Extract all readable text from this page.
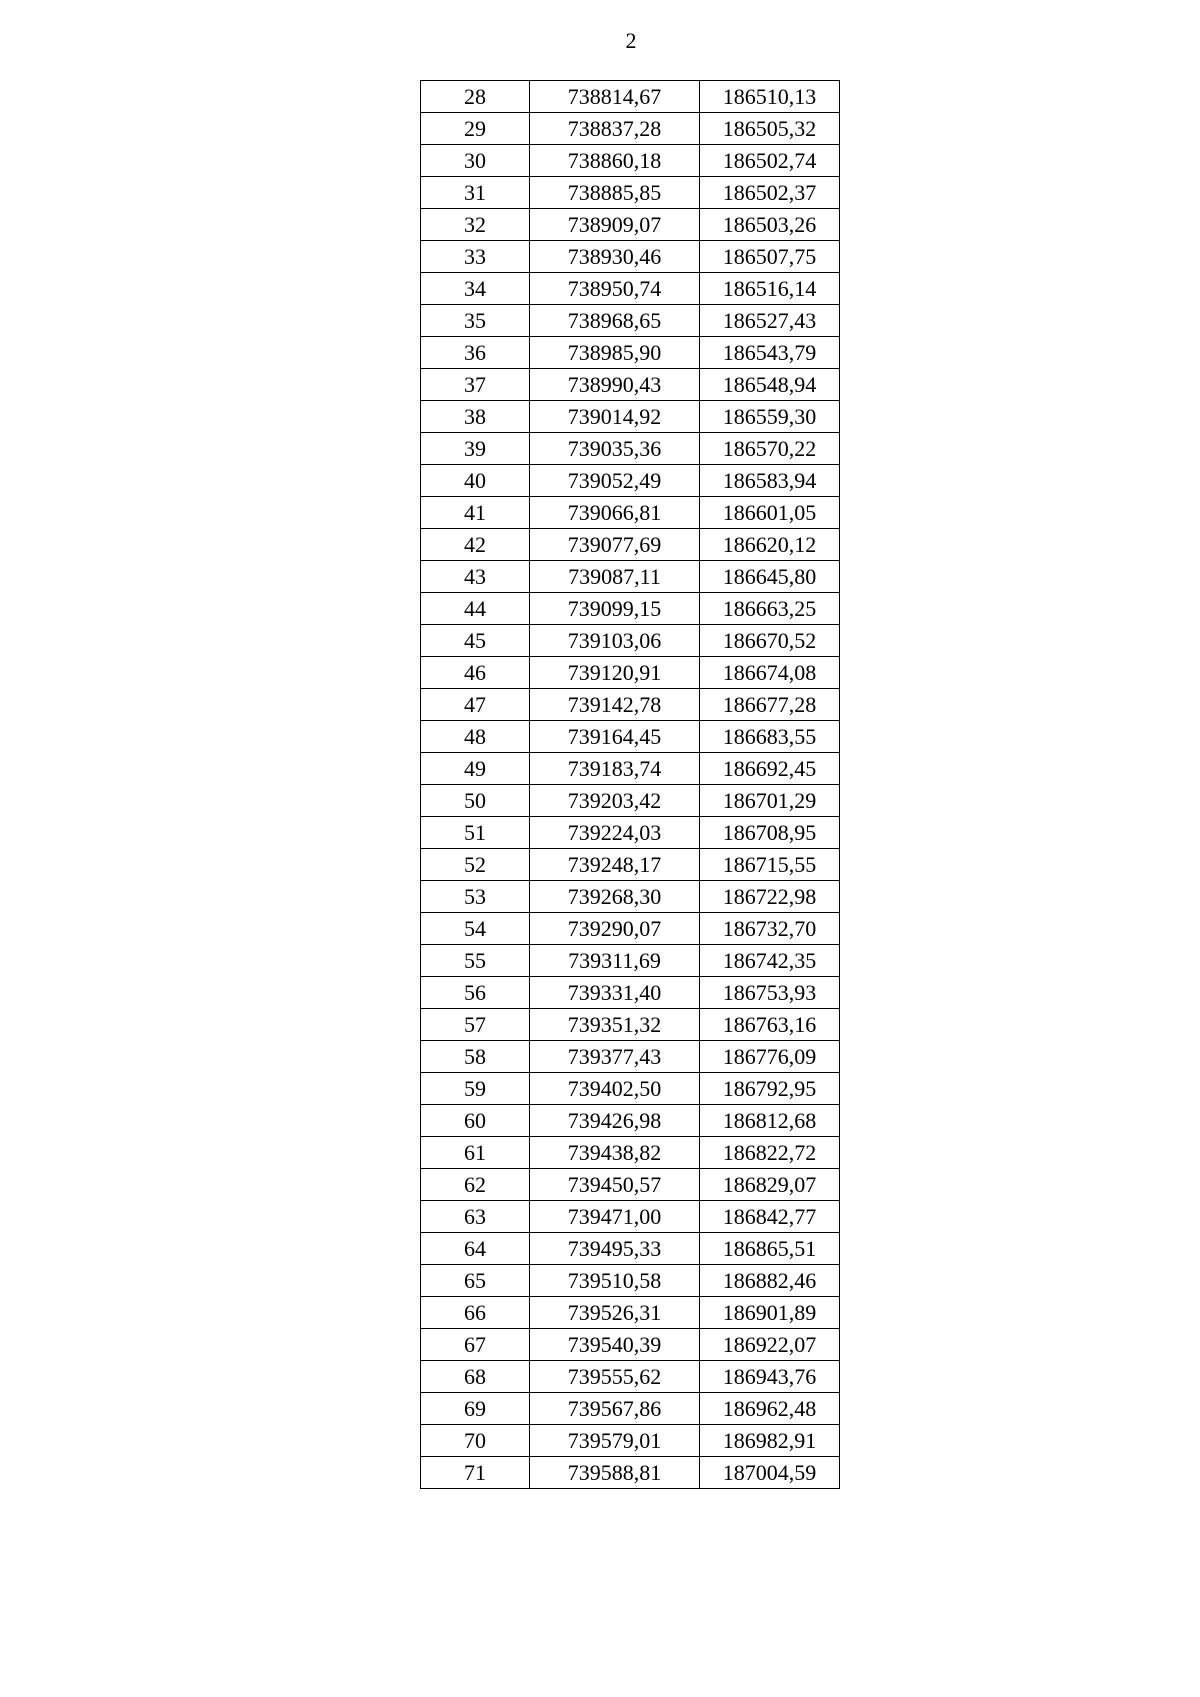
2
28	738814,67	186510,13
29	738837,28	186505,32
30	738860,18	186502,74
31	738885,85	186502,37
32	738909,07	186503,26
33	738930,46	186507,75
34	738950,74	186516,14
35	738968,65	186527,43
36	738985,90	186543,79
37	738990,43	186548,94
38	739014,92	186559,30
39	739035,36	186570,22
40	739052,49	186583,94
41	739066,81	186601,05
42	739077,69	186620,12
43	739087,11	186645,80
44	739099,15	186663,25
45	739103,06	186670,52
46	739120,91	186674,08
47	739142,78	186677,28
48	739164,45	186683,55
49	739183,74	186692,45
50	739203,42	186701,29
51	739224,03	186708,95
52	739248,17	186715,55
53	739268,30	186722,98
54	739290,07	186732,70
55	739311,69	186742,35
56	739331,40	186753,93
57	739351,32	186763,16
58	739377,43	186776,09
59	739402,50	186792,95
60	739426,98	186812,68
61	739438,82	186822,72
62	739450,57	186829,07
63	739471,00	186842,77
64	739495,33	186865,51
65	739510,58	186882,46
66	739526,31	186901,89
67	739540,39	186922,07
68	739555,62	186943,76
69	739567,86	186962,48
70	739579,01	186982,91
71	739588,81	187004,59
